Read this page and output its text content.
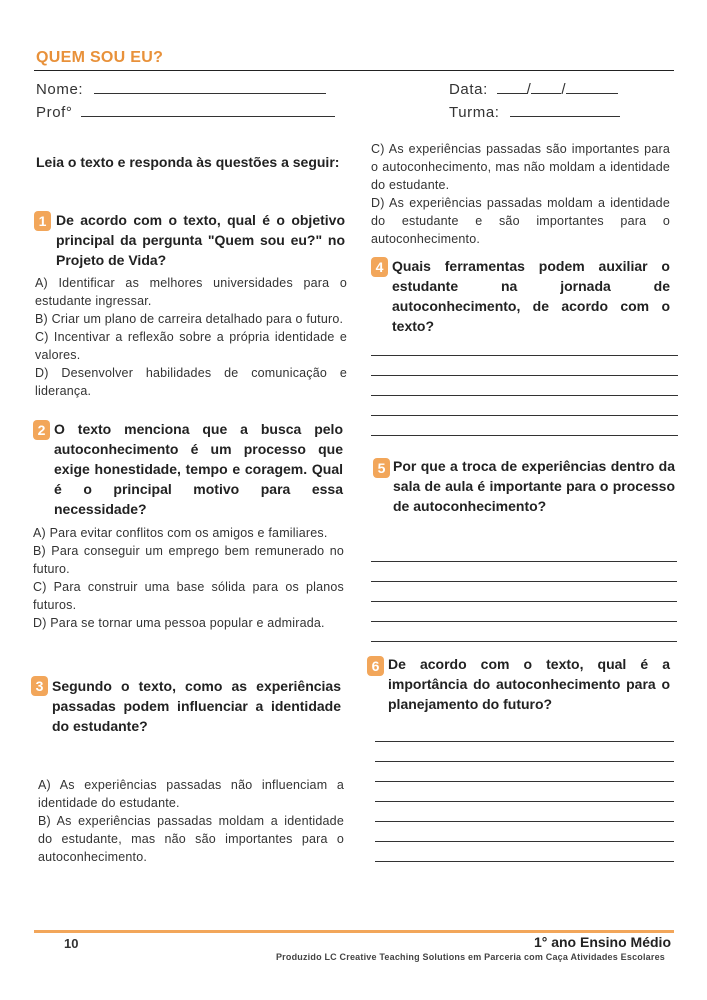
QUEM SOU EU?
Nome:
Prof°
Data:	/ /
Turma:
Leia o texto e responda às questões a seguir:
1 De acordo com o texto, qual é o objetivo principal da pergunta "Quem sou eu?" no Projeto de Vida?
A) Identificar as melhores universidades para o estudante ingressar.
B) Criar um plano de carreira detalhado para o futuro.
C) Incentivar a reflexão sobre a própria identidade e valores.
D) Desenvolver habilidades de comunicação e liderança.
2 O texto menciona que a busca pelo autoconhecimento é um processo que exige honestidade, tempo e coragem. Qual é o principal motivo para essa necessidade?
A) Para evitar conflitos com os amigos e familiares.
B) Para conseguir um emprego bem remunerado no futuro.
C) Para construir uma base sólida para os planos futuros.
D) Para se tornar uma pessoa popular e admirada.
3 Segundo o texto, como as experiências passadas podem influenciar a identidade do estudante?
A) As experiências passadas não influenciam a identidade do estudante.
B) As experiências passadas moldam a identidade do estudante, mas não são importantes para o autoconhecimento.
C) As experiências passadas são importantes para o autoconhecimento, mas não moldam a identidade do estudante.
D) As experiências passadas moldam a identidade do estudante e são importantes para o autoconhecimento.
4 Quais ferramentas podem auxiliar o estudante na jornada de autoconhecimento, de acordo com o texto?
5 Por que a troca de experiências dentro da sala de aula é importante para o processo de autoconhecimento?
6 De acordo com o texto, qual é a importância do autoconhecimento para o planejamento do futuro?
10	1° ano Ensino Médio
Produzido LC Creative Teaching Solutions em Parceria com Caça Atividades Escolares
